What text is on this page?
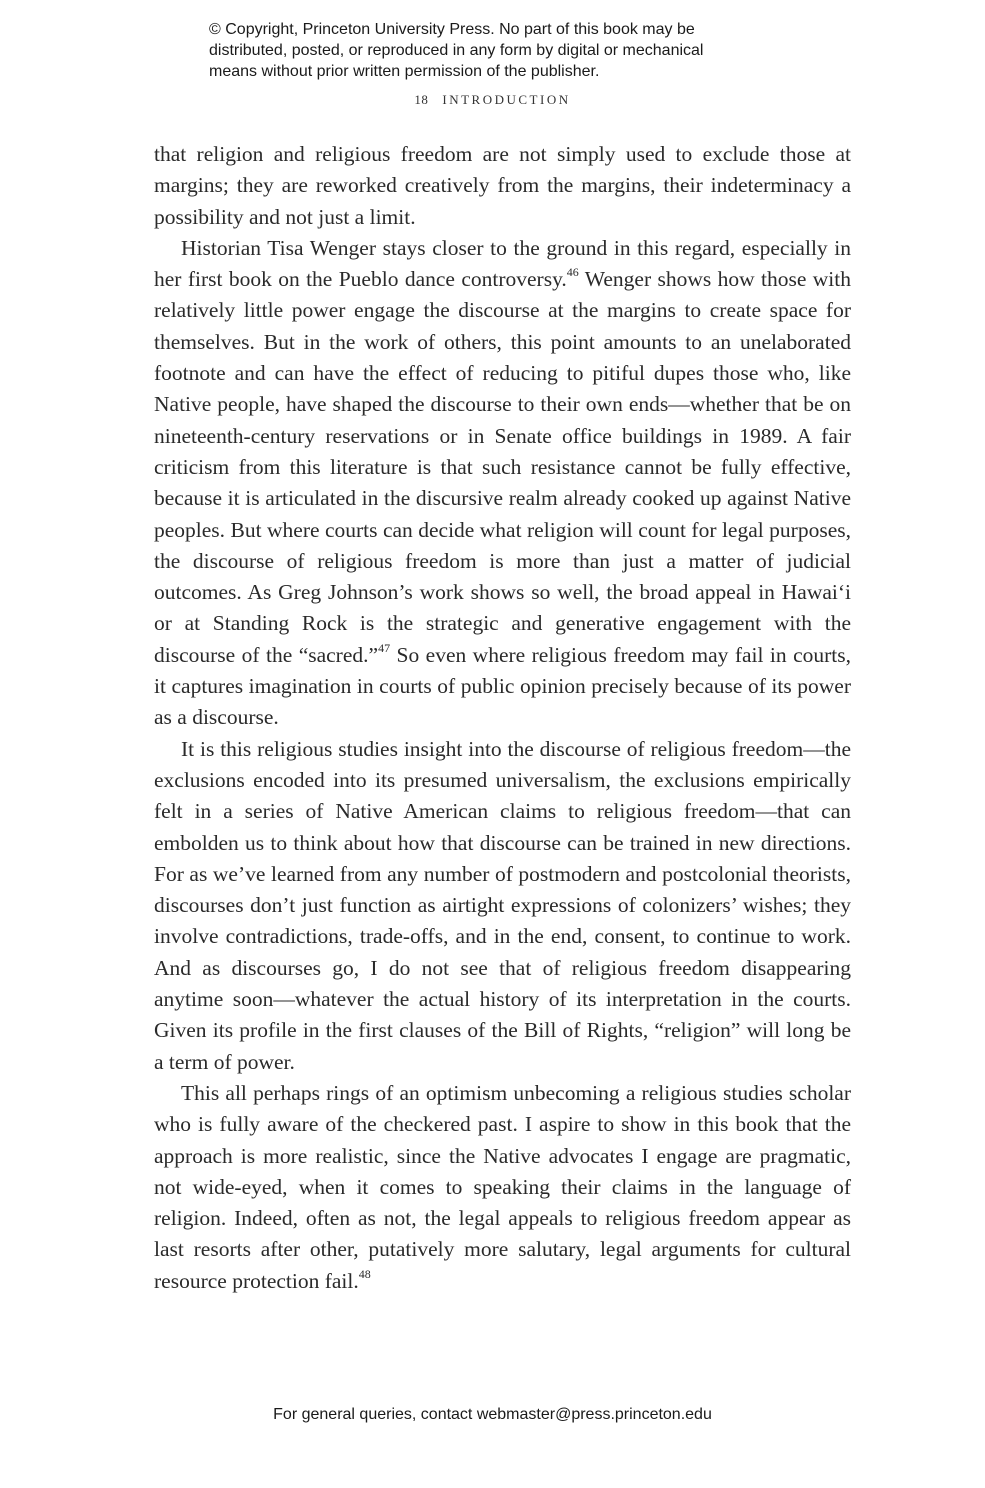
© Copyright, Princeton University Press. No part of this book may be
distributed, posted, or reproduced in any form by digital or mechanical
means without prior written permission of the publisher.
18 INTRODUCTION

that religion and religious freedom are not simply used to exclude those at margins; they are reworked creatively from the margins, their indeterminacy a possibility and not just a limit.

Historian Tisa Wenger stays closer to the ground in this regard, especially in her first book on the Pueblo dance controversy.$^{46}$ Wenger shows how those with relatively little power engage the discourse at the margins to create space for themselves. But in the work of others, this point amounts to an unelaborated footnote and can have the effect of reducing to pitiful dupes those who, like Native people, have shaped the discourse to their own ends—whether that be on nineteenth-century reservations or in Senate office buildings in 1989. A fair criticism from this literature is that such resistance cannot be fully effective, because it is articulated in the discursive realm already cooked up against Native peoples. But where courts can decide what religion will count for legal purposes, the discourse of religious freedom is more than just a matter of judicial outcomes. As Greg Johnson’s work shows so well, the broad appeal in Hawai‘i or at Standing Rock is the strategic and generative engagement with the discourse of the “sacred.”$^{47}$ So even where religious freedom may fail in courts, it captures imagination in courts of public opinion precisely because of its power as a discourse.

It is this religious studies insight into the discourse of religious freedom—the exclusions encoded into its presumed universalism, the exclusions empirically felt in a series of Native American claims to religious freedom—that can embolden us to think about how that discourse can be trained in new directions. For as we’ve learned from any number of postmodern and postcolonial theorists, discourses don’t just function as airtight expressions of colonizers’ wishes; they involve contradictions, trade-offs, and in the end, consent, to continue to work. And as discourses go, I do not see that of religious freedom disappearing anytime soon—whatever the actual history of its interpretation in the courts. Given its profile in the first clauses of the Bill of Rights, “religion” will long be a term of power.

This all perhaps rings of an optimism unbecoming a religious studies scholar who is fully aware of the checkered past. I aspire to show in this book that the approach is more realistic, since the Native advocates I engage are pragmatic, not wide-eyed, when it comes to speaking their claims in the language of religion. Indeed, often as not, the legal appeals to religious freedom appear as last resorts after other, putatively more salutary, legal arguments for cultural resource protection fail.$^{48}$

For general queries, contact webmaster@press.princeton.edu
